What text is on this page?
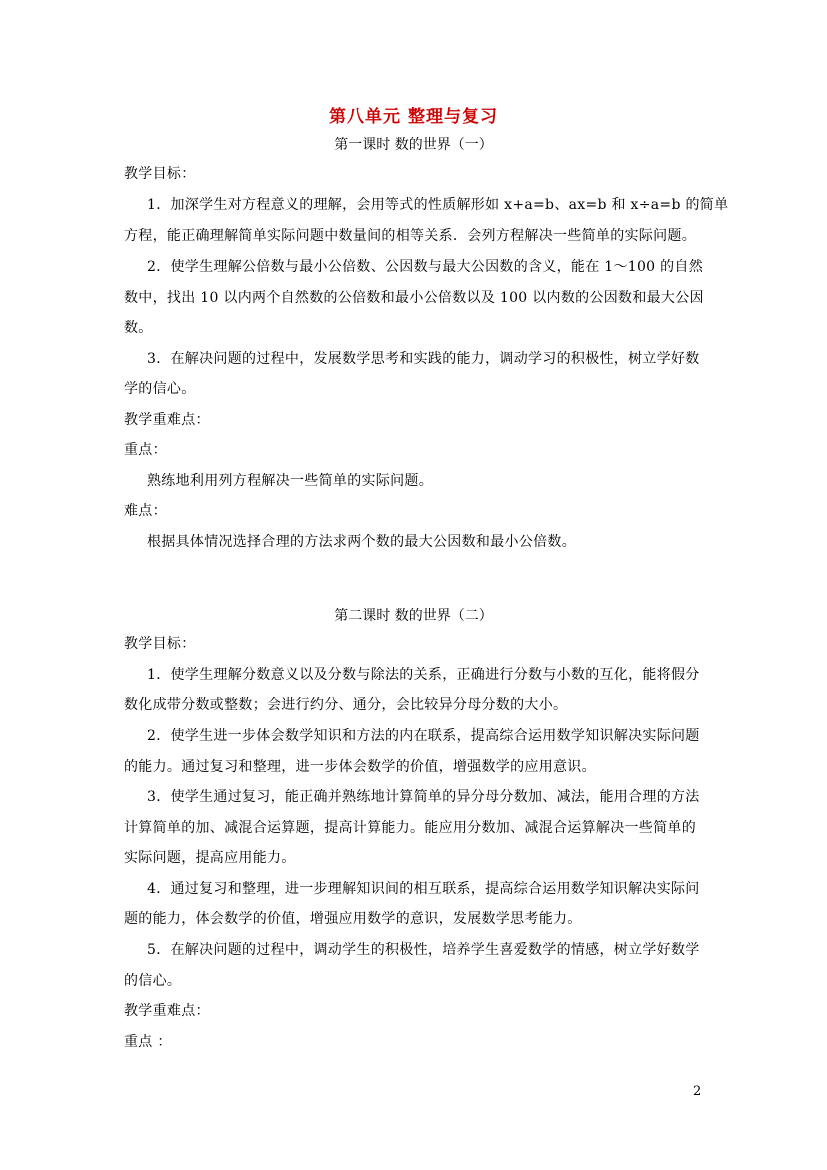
第八单元 整理与复习
第一课时 数的世界（一）
教学目标：
1．加深学生对方程意义的理解，会用等式的性质解形如 x+a=b、ax=b 和 x÷a=b 的简单
方程，能正确理解简单实际问题中数量间的相等关系．会列方程解决一些简单的实际问题。
2．使学生理解公倍数与最小公倍数、公因数与最大公因数的含义，能在 1～100 的自然
数中，找出 10 以内两个自然数的公倍数和最小公倍数以及 100 以内数的公因数和最大公因
数。
3．在解决问题的过程中，发展数学思考和实践的能力，调动学习的积极性，树立学好数
学的信心。
教学重难点：
重点：
熟练地利用列方程解决一些简单的实际问题。
难点：
根据具体情况选择合理的方法求两个数的最大公因数和最小公倍数。
第二课时 数的世界（二）
教学目标：
1．使学生理解分数意义以及分数与除法的关系，正确进行分数与小数的互化，能将假分
数化成带分数或整数；会进行约分、通分，会比较异分母分数的大小。
2．使学生进一步体会数学知识和方法的内在联系，提高综合运用数学知识解决实际问题
的能力。通过复习和整理，进一步体会数学的价值，增强数学的应用意识。
3．使学生通过复习，能正确并熟练地计算简单的异分母分数加、减法，能用合理的方法
计算简单的加、减混合运算题，提高计算能力。能应用分数加、减混合运算解决一些简单的
实际问题，提高应用能力。
4．通过复习和整理，进一步理解知识间的相互联系，提高综合运用数学知识解决实际问
题的能力，体会数学的价值，增强应用数学的意识，发展数学思考能力。
5．在解决问题的过程中，调动学生的积极性，培养学生喜爱数学的情感，树立学好数学
的信心。
教学重难点：
重点 ：
2
